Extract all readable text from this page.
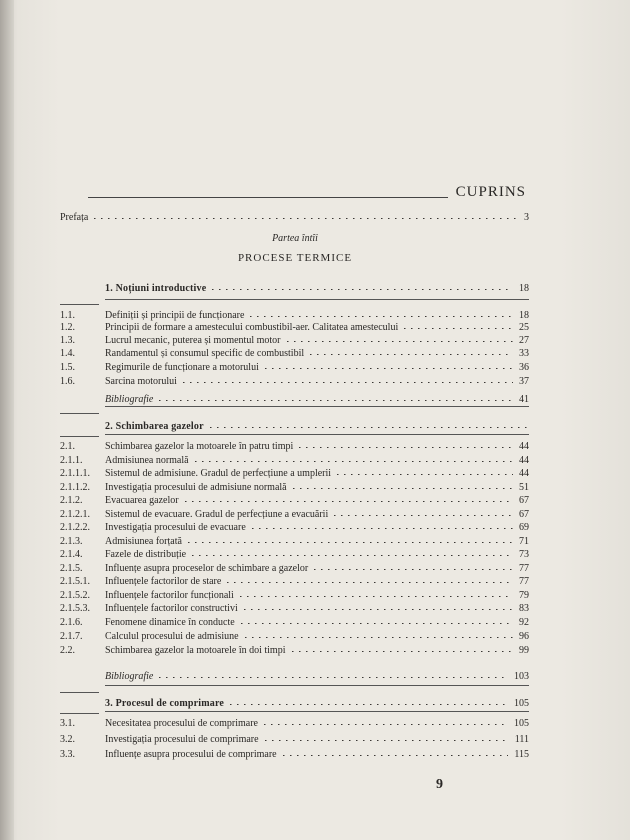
CUPRINS
Prefața	3
Partea întîi
PROCESE TERMICE
1. Noțiuni introductive	18
1.1.	Definiții și principii de funcționare	18
1.2.	Principii de formare a amestecului combustibil-aer. Calitatea amestecului	25
1.3.	Lucrul mecanic, puterea și momentul motor	27
1.4.	Randamentul și consumul specific de combustibil	33
1.5.	Regimurile de funcționare a motorului	36
1.6.	Sarcina motorului	37
Bibliografie	41
2. Schimbarea gazelor
2.1.	Schimbarea gazelor la motoarele în patru timpi	44
2.1.1. Admisiunea normală	44
2.1.1.1. Sistemul de admisiune. Gradul de perfecțiune a umplerii	44
2.1.1.2. Investigația procesului de admisiune normală	51
2.1.2. Evacuarea gazelor	67
2.1.2.1. Sistemul de evacuare. Gradul de perfecțiune a evacuării	67
2.1.2.2. Investigația procesului de evacuare	69
2.1.3. Admisiunea forțată	71
2.1.4. Fazele de distribuție	73
2.1.5. Influențe asupra proceselor de schimbare a gazelor	77
2.1.5.1. Influențele factorilor de stare	77
2.1.5.2. Influențele factorilor funcționali	79
2.1.5.3. Influențele factorilor constructivi	83
2.1.6. Fenomene dinamice în conducte	92
2.1.7. Calculul procesului de admisiune	96
2.2.	Schimbarea gazelor la motoarele în doi timpi	99
Bibliografie	103
3. Procesul de comprimare	105
3.1.	Necesitatea procesului de comprimare	105
3.2.	Investigația procesului de comprimare	111
3.3.	Influențe asupra procesului de comprimare	115
9
